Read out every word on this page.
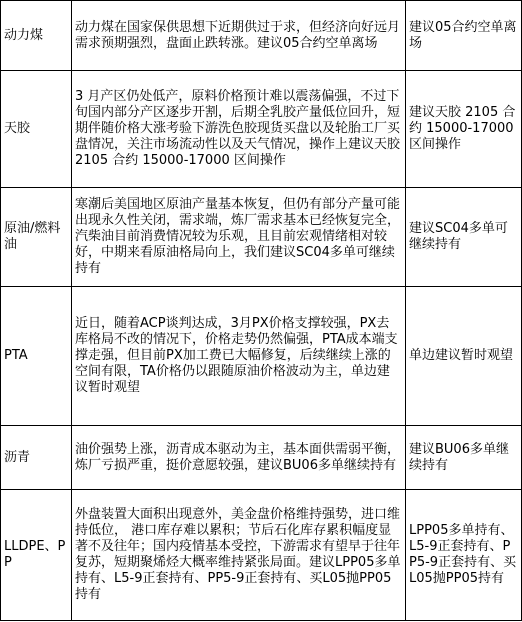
动力煤	动力煤在国家保供思想下近期供过于求，但经济向好远月需求预期强烈，盘面止跌转涨。建议05合约空单离场	建议05合约空单离场
天胶	3 月产区仍处低产，原料价格预计难以震荡偏强，不过下旬国内部分产区逐步开割，后期全乳胶产量低位回升，短期伴随价格大涨考验下游洗色胶现货买盘以及轮胎工厂买盘情况，关注市场流动性以及天气情况，操作上建议天胶 2105 合约 15000-17000 区间操作	建议天胶 2105 合约 15000-17000 区间操作
原油/燃料油	寒潮后美国地区原油产量基本恢复，但仍有部分产量可能出现永久性关闭，需求端，炼厂需求基本已经恢复完全，汽柴油目前消费情况较为乐观，且目前宏观情绪相对较好，中期来看原油格局向上，我们建议SC04多单可继续持有	建议SC04多单可继续持有
PTA	近日，随着ACP谈判达成，3月PX价格支撑较强，PX去库格局不改的情况下，价格走势仍然偏强，PTA成本端支撑走强，但目前PX加工费已大幅修复，后续继续上涨的空间有限，TA价格仍以跟随原油价格波动为主，单边建议暂时观望	单边建议暂时观望
沥青	油价强势上涨，沥青成本驱动为主，基本面供需弱平衡，炼厂亏损严重，挺价意愿较强，建议BU06多单继续持有	建议BU06多单继续持有
LLDPE、PP	外盘装置大面积出现意外，美金盘价格维持强势，进口维持低位， 港口库存难以累积；节后石化库存累积幅度显著不及往年；国内疫情基本受控，下游需求有望早于往年复苏，短期聚烯烃大概率维持紧张局面。建议LPP05多单持有、L5-9正套持有、PP5-9正套持有、买L05抛PP05持有	LPP05多单持有、L5-9正套持有、PP5-9正套持有、买L05抛PP05持有
